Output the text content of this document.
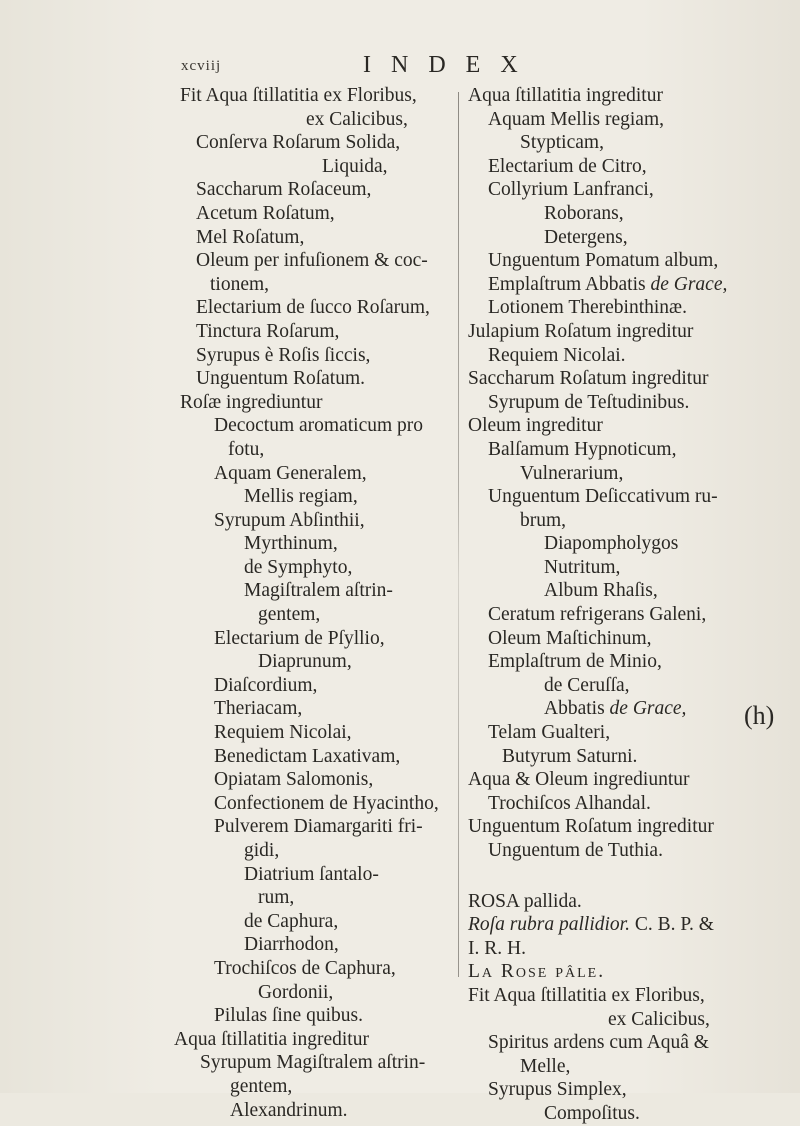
xcviij	INDEX
Fit Aqua ſtillatitia ex Floribus,
ex Calicibus,
Conſerva Roſarum Solida,
Liquida,
Saccharum Roſaceum,
Acetum Roſatum,
Mel Roſatum,
Oleum per infuſionem & coc-
tionem,
Electarium de ſucco Roſarum,
Tinctura Roſarum,
Syrupus è Roſis ſiccis,
Unguentum Roſatum.
Roſæ ingrediuntur
Decoctum aromaticum pro
fotu,
Aquam Generalem,
Mellis regiam,
Syrupum Abſinthii,
Myrthinum,
de Symphyto,
Magiſtralem aſtrin-
gentem,
Electarium de Pſyllio,
Diaprunum,
Diaſcordium,
Theriacam,
Requiem Nicolai,
Benedictam Laxativam,
Opiatam Salomonis,
Confectionem de Hyacintho,
Pulverem Diamargariti fri-
gidi,
Diatrium ſantalo-
rum,
de Caphura,
Diarrhodon,
Trochiſcos de Caphura,
Gordonii,
Pilulas ſine quibus.
Aqua ſtillatitia ingreditur
Syrupum Magiſtralem aſtrin-
gentem,
Alexandrinum.
Aqua ſtillatitia ingreditur
Aquam Mellis regiam,
Stypticam,
Electarium de Citro,
Collyrium Lanfranci,
Roborans,
Detergens,
Unguentum Pomatum album,
Emplaſtrum Abbatis de Grace,
Lotionem Therebinthinæ.
Julapium Roſatum ingreditur
Requiem Nicolai.
Saccharum Roſatum ingreditur
Syrupum de Teſtudinibus.
Oleum ingreditur
Balſamum Hypnoticum,
Vulnerarium,
Unguentum Deſiccativum ru-
brum,
Diapompholygos
Nutritum,
Album Rhaſis,
Ceratum refrigerans Galeni,
Oleum Maſtichinum,
Emplaſtrum de Minio,
de Ceruſſa,
Abbatis de Grace,
Telam Gualteri,
Butyrum Saturni.
Aqua & Oleum ingrediuntur
Trochiſcos Alhandal.
Unguentum Roſatum ingreditur
Unguentum de Tuthia.
ROSA pallida.
Roſa rubra pallidior. C. B. P. &
I. R. H.
La Rose pâle.
Fit Aqua ſtillatitia ex Floribus,
ex Calicibus,
Spiritus ardens cum Aquâ &
Melle,
Syrupus Simplex,
Compoſitus.
(h)
